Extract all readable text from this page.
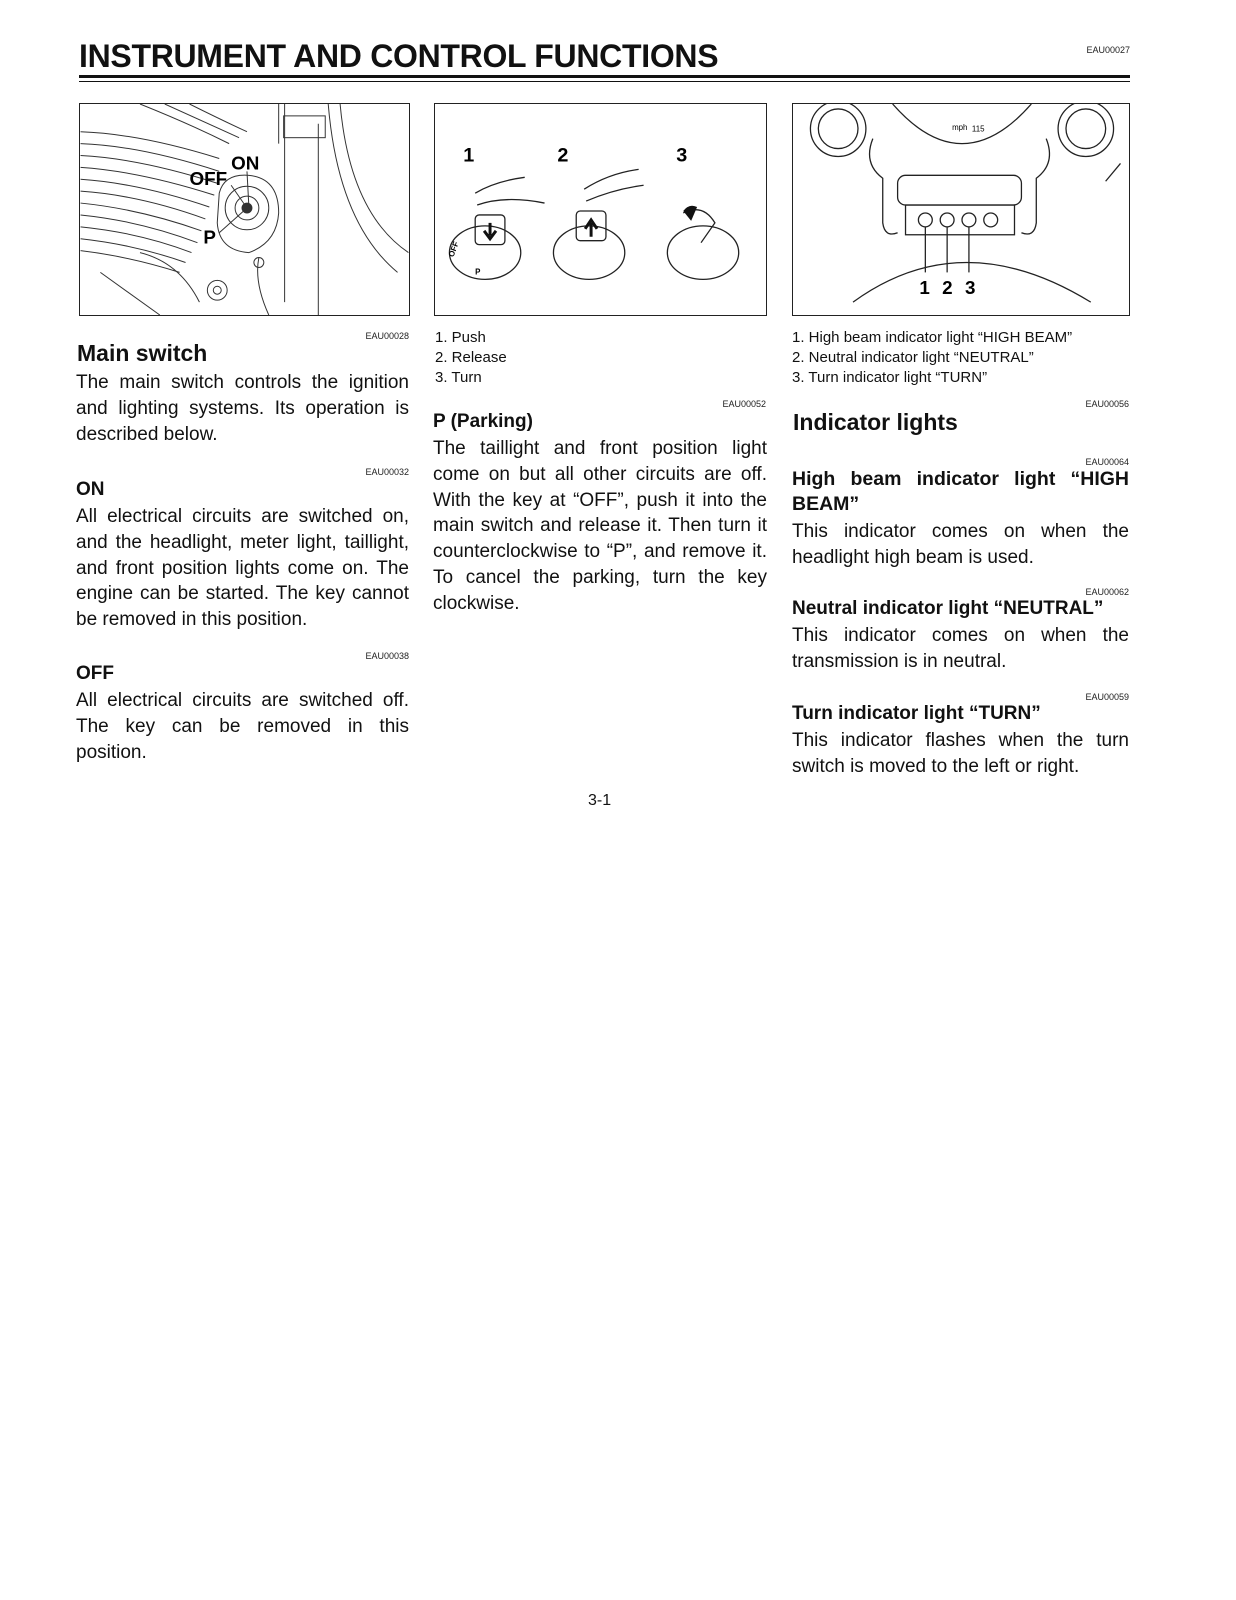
INSTRUMENT AND CONTROL FUNCTIONS	EAU00027
ON
OFF
P
1	2	3
OFF
P
115
mph
1 2 3
EAU00028
Main switch
The main switch controls the ignition and lighting systems. Its operation is described below.
EAU00032
ON
All electrical circuits are switched on, and the headlight, meter light, taillight, and front position lights come on. The engine can be started. The key cannot be removed in this position.
EAU00038
OFF
All electrical circuits are switched off. The key can be removed in this position.
1. Push
2. Release
3. Turn
EAU00052
P (Parking)
The taillight and front position light come on but all other circuits are off. With the key at “OFF”, push it into the main switch and release it. Then turn it counterclockwise to “P”, and remove it. To cancel the parking, turn the key clockwise.
1. High beam indicator light “HIGH BEAM”
2. Neutral indicator light “NEUTRAL”
3. Turn indicator light “TURN”
EAU00056
Indicator lights
EAU00064
High beam indicator light “HIGH BEAM”
This indicator comes on when the headlight high beam is used.
EAU00062
Neutral indicator light “NEUTRAL”
This indicator comes on when the transmission is in neutral.
EAU00059
Turn indicator light “TURN”
This indicator flashes when the turn switch is moved to the left or right.
3-1
